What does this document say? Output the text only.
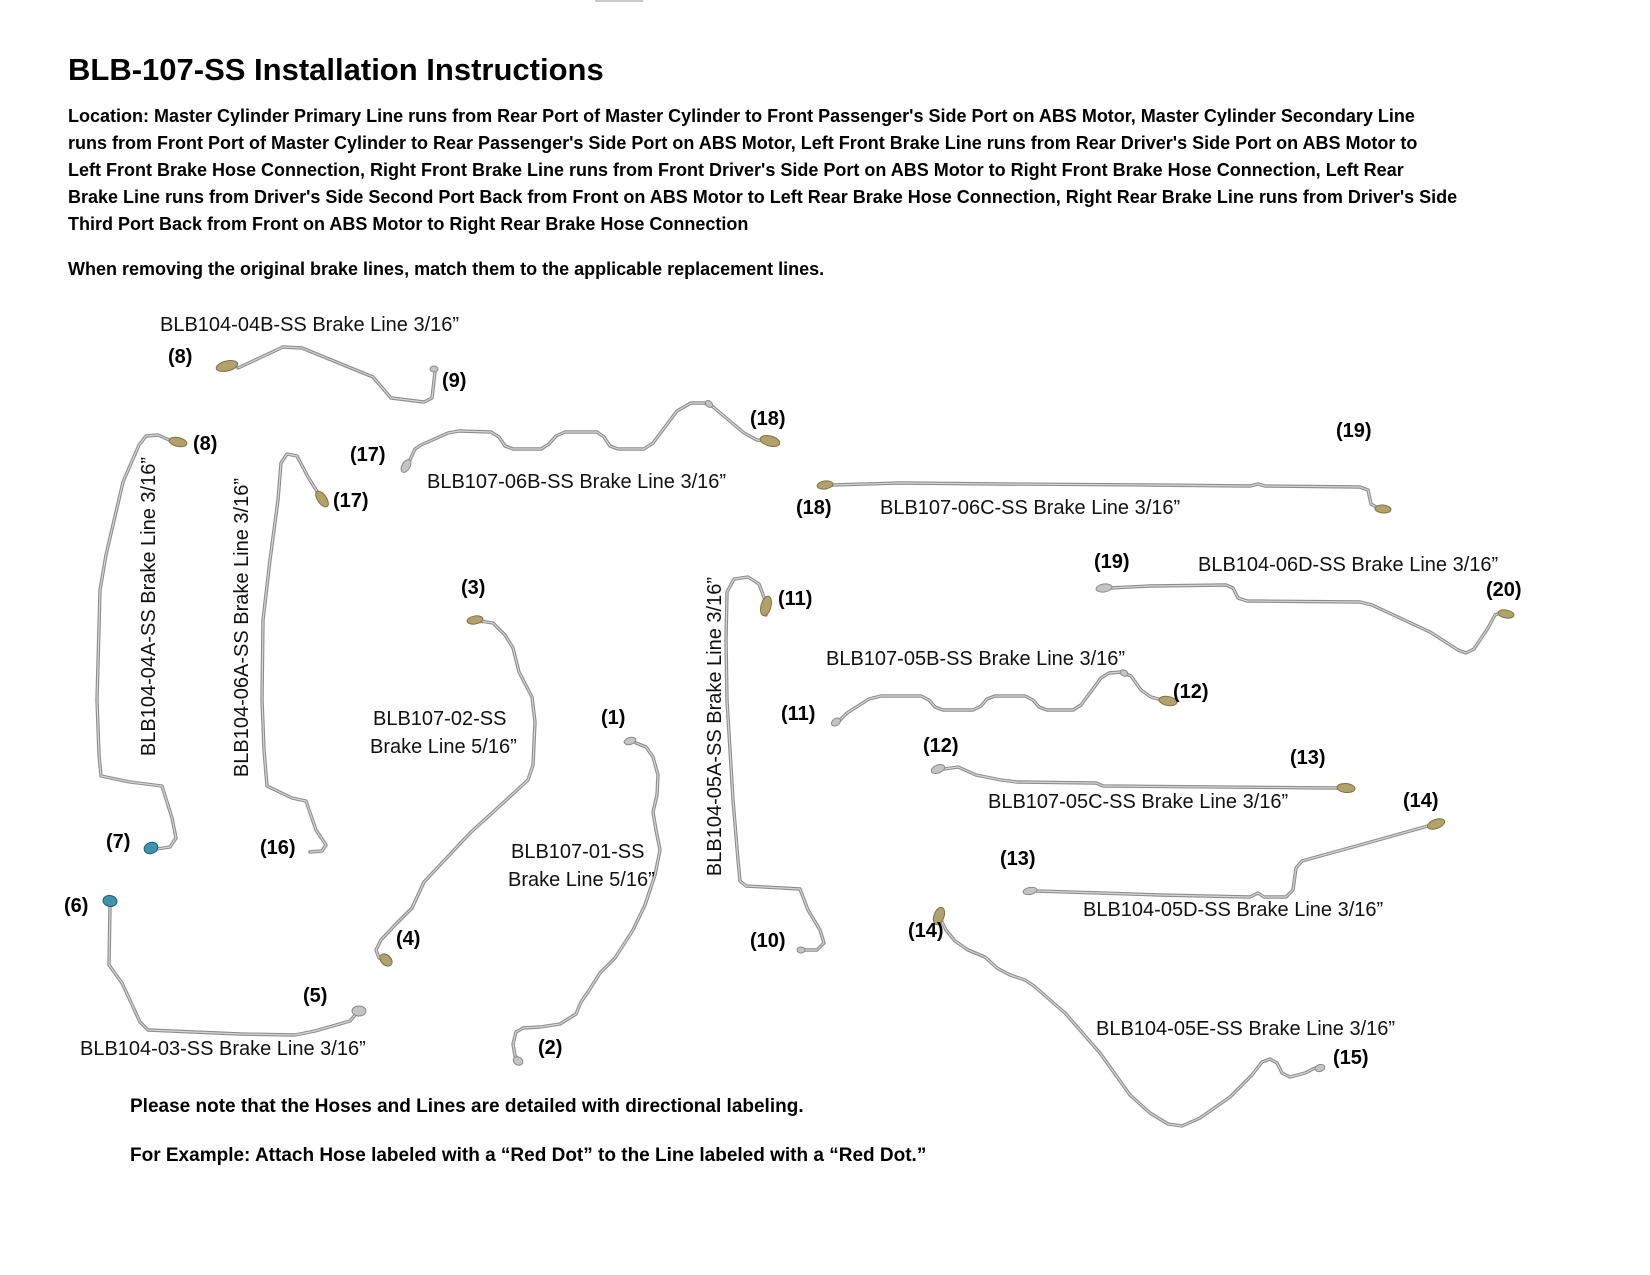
BLB-107-SS Installation Instructions
Location: Master Cylinder Primary Line runs from Rear Port of Master Cylinder to Front Passenger's Side Port on ABS Motor, Master Cylinder Secondary Line
runs from Front Port of Master Cylinder to Rear Passenger's Side Port on ABS Motor, Left Front Brake Line runs from Rear Driver's Side Port on ABS Motor to
Left Front Brake Hose Connection, Right Front Brake Line runs from Front Driver's Side Port on ABS Motor to Right Front Brake Hose Connection, Left Rear
Brake Line runs from Driver's Side Second Port Back from Front on ABS Motor to Left Rear Brake Hose Connection, Right Rear Brake Line runs from Driver's Side
Third Port Back from Front on ABS Motor to Right Rear Brake Hose Connection
When removing the original brake lines, match them to the applicable replacement lines.
BLB104-04B-SS Brake Line 3/16”
BLB104-04A-SS Brake Line 3/16”	BLB104-06A-SS Brake Line 3/16”	BLB107-06B-SS Brake Line 3/16”
BLB107-06C-SS Brake Line 3/16”
BLB104-06D-SS Brake Line 3/16”
BLB104-05A-SS Brake Line 3/16”	BLB107-05B-SS Brake Line 3/16”
BLB107-05C-SS Brake Line 3/16”
BLB104-05D-SS Brake Line 3/16”
BLB104-05E-SS Brake Line 3/16”
BLB107-02-SS
Brake Line 5/16”
BLB107-01-SS
Brake Line 5/16”
BLB104-03-SS Brake Line 3/16”
(8)
(9)
(8)
(7)
(17)
(16)
(17)
(18)
(18)
(19)
(19)
(20)
(11)
(10)
(11)
(12)
(12)
(13)
(13)
(14)
(14)
(15)
(3)
(4)
(1)
(2)
(6)
(5)
Please note that the Hoses and Lines are detailed with directional labeling.
For Example: Attach Hose labeled with a “Red Dot” to the Line labeled with a “Red Dot.”
